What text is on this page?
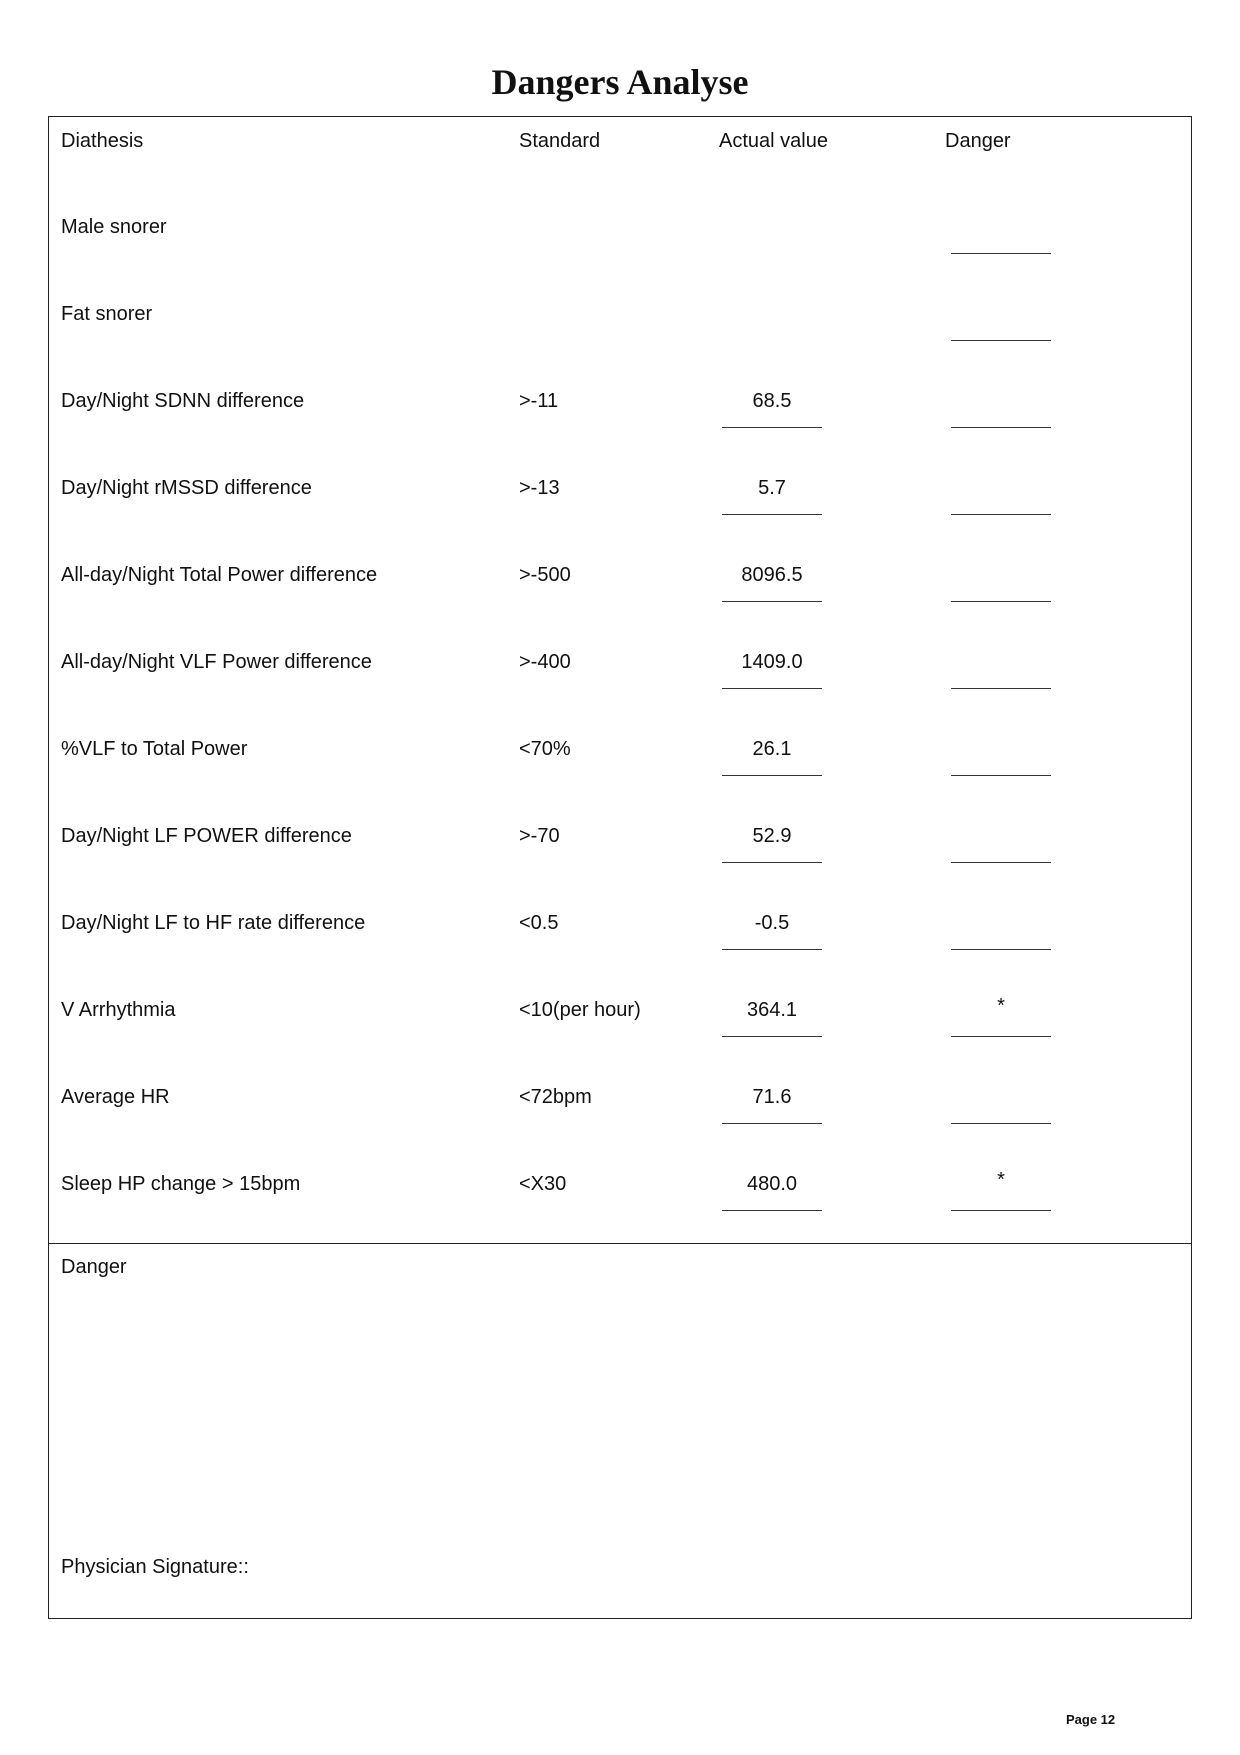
Dangers Analyse
Diathesis	Standard	Actual value	Danger
Male snorer
Fat snorer
Day/Night SDNN difference	>-11	68.5
Day/Night rMSSD difference	>-13	5.7
All-day/Night Total Power difference	>-500	8096.5
All-day/Night VLF Power difference	>-400	1409.0
%VLF to Total Power	<70%	26.1
Day/Night LF POWER difference	>-70	52.9
Day/Night LF to HF rate difference	<0.5	-0.5
V Arrhythmia	<10(per hour)	364.1	*
Average HR	<72bpm	71.6
Sleep HP change > 15bpm	<X30	480.0	*
Danger
Physician Signature::
Page 12
